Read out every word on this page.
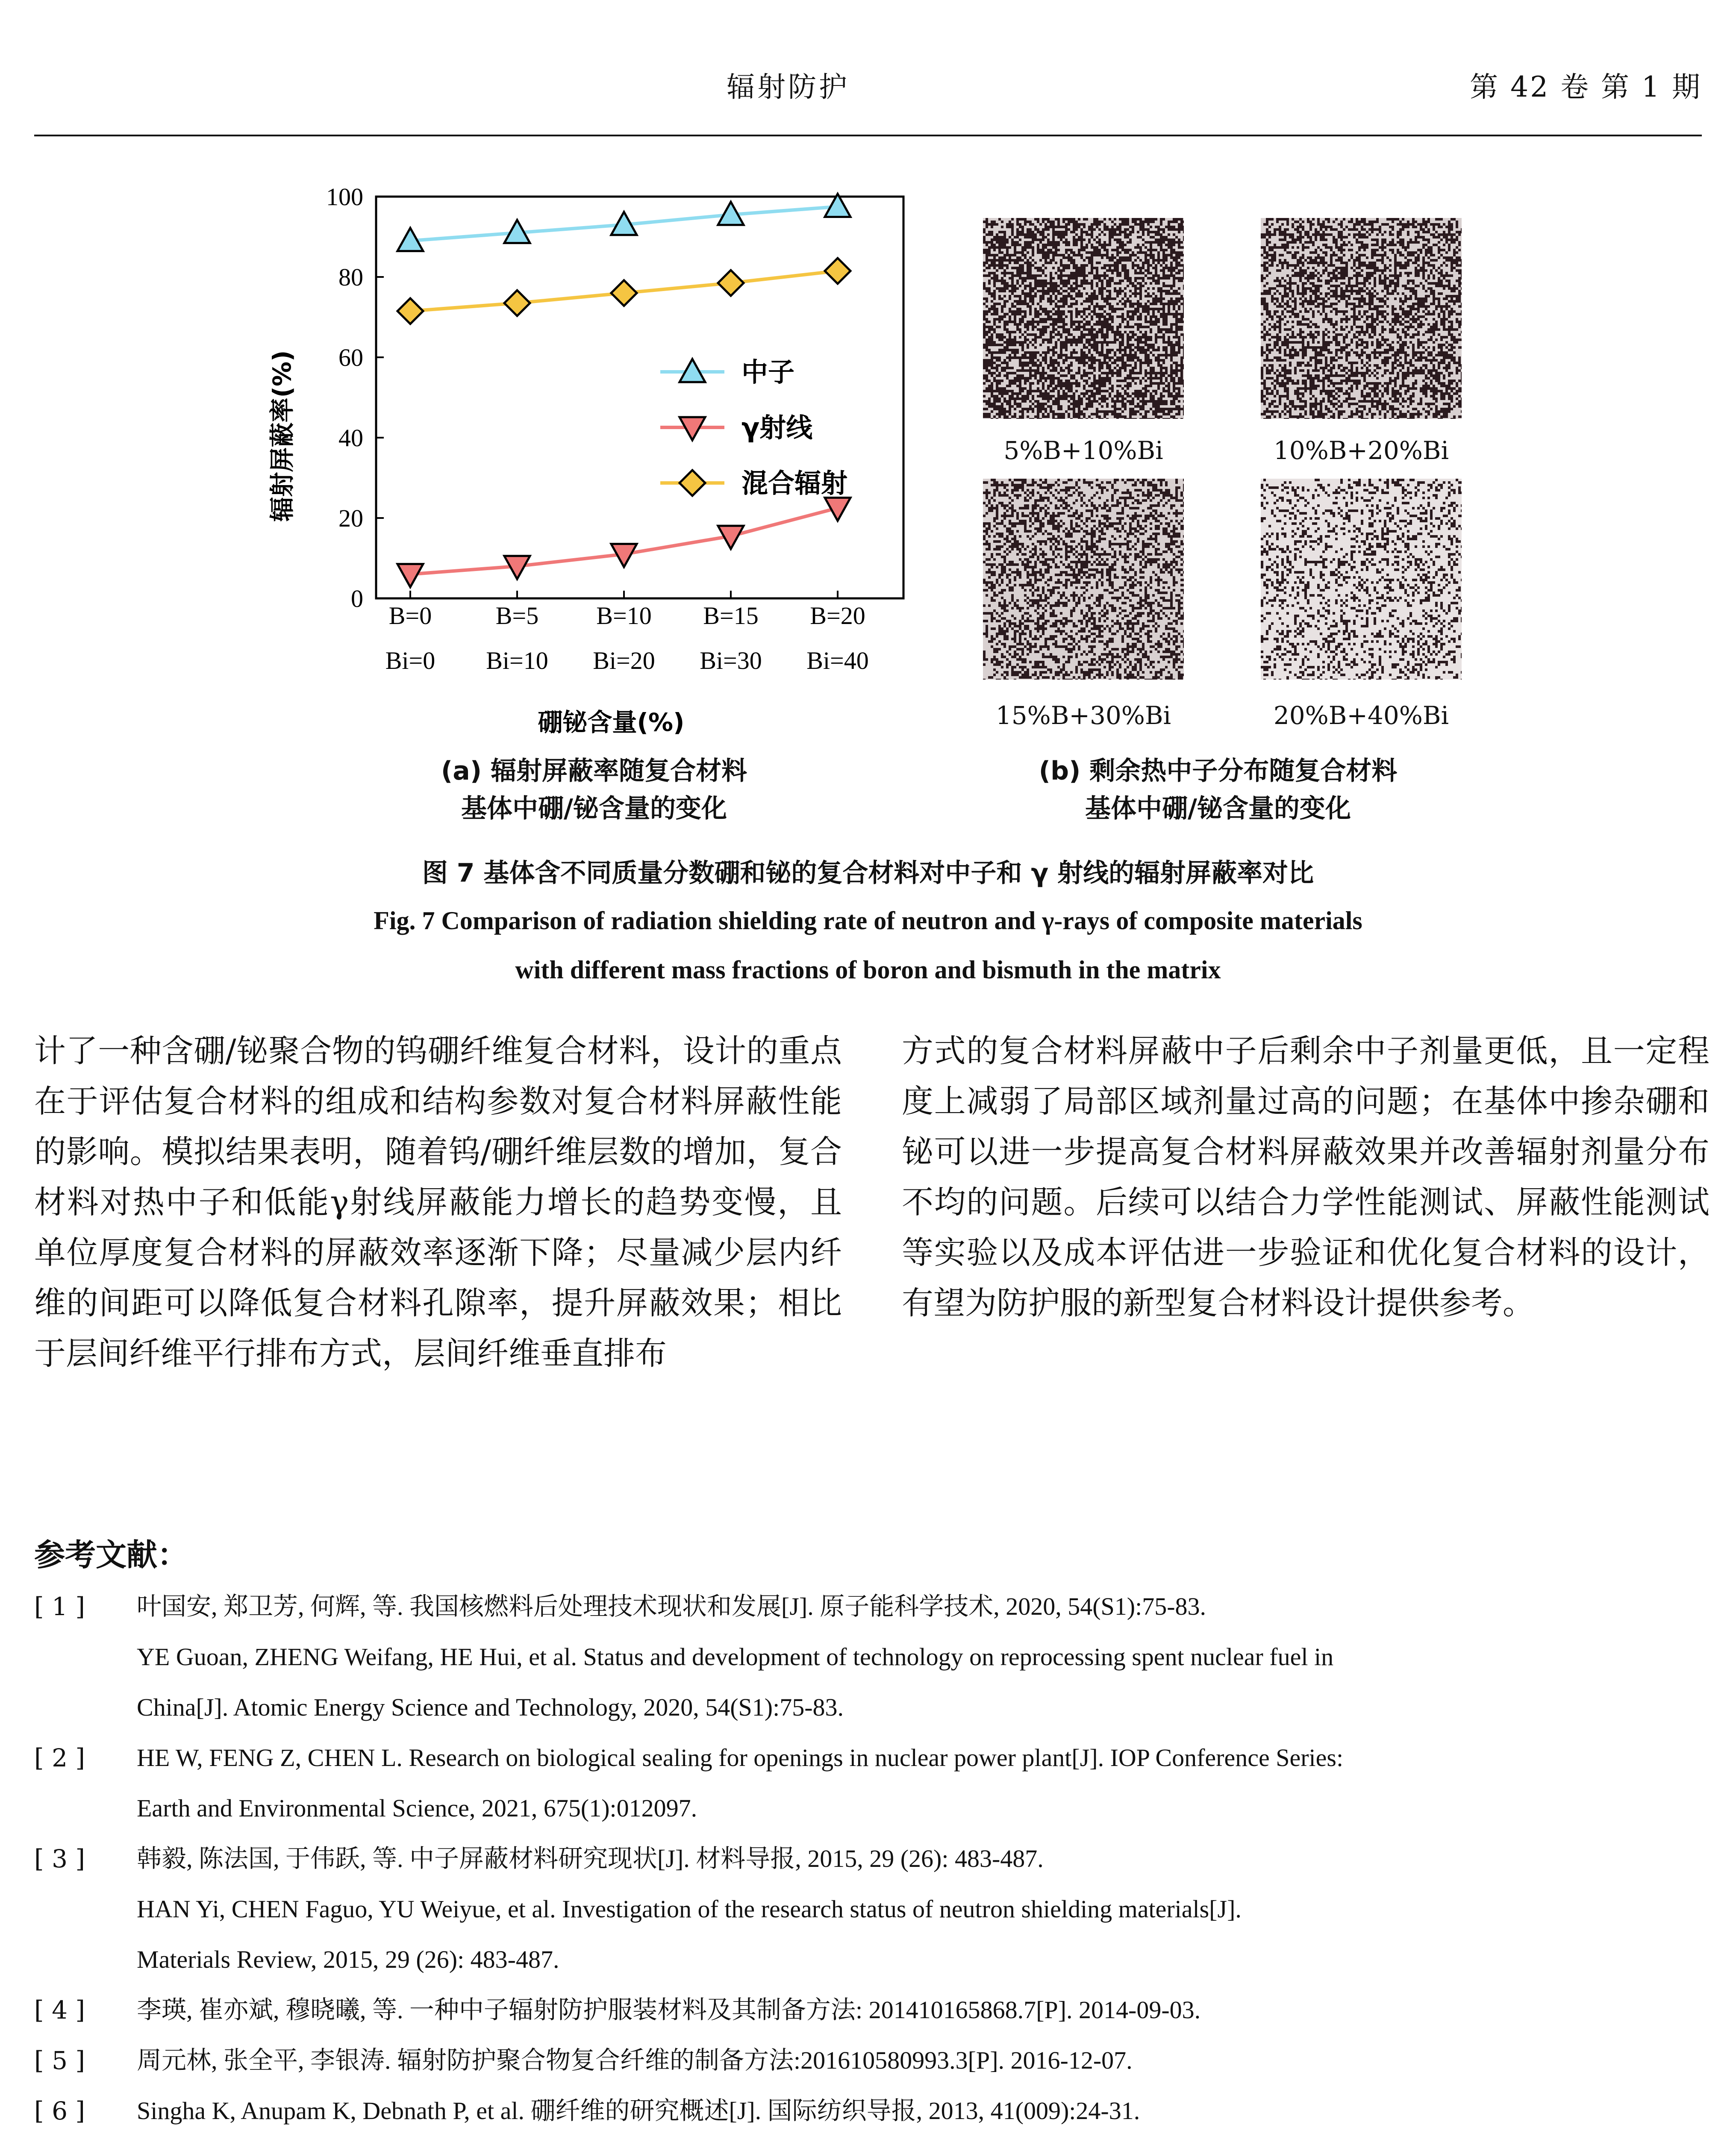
辐射防护	第 42 卷 第 1 期
0
20
40
60
80
100
B=0
Bi=0
B=5
Bi=10
B=10
Bi=20
B=15
Bi=30
B=20
Bi=40
中子
γ射线
混合辐射
辐射屏蔽率(%)
硼铋含量(%)
(a) 辐射屏蔽率随复合材料
基体中硼/铋含量的变化
5%B+10%Bi	10%B+20%Bi
15%B+30%Bi	20%B+40%Bi
(b) 剩余热中子分布随复合材料
基体中硼/铋含量的变化
图 7 基体含不同质量分数硼和铋的复合材料对中子和 γ 射线的辐射屏蔽率对比
Fig. 7 Comparison of radiation shielding rate of neutron and γ-rays of composite materials
with different mass fractions of boron and bismuth in the matrix
计了一种含硼/铋聚合物的钨硼纤维复合材料，设计的重点在于评估复合材料的组成和结构参数对复合材料屏蔽性能的影响。模拟结果表明，随着钨/硼纤维层数的增加，复合材料对热中子和低能γ射线屏蔽能力增长的趋势变慢，且单位厚度复合材料的屏蔽效率逐渐下降；尽量减少层内纤维的间距可以降低复合材料孔隙率，提升屏蔽效果；相比于层间纤维平行排布方式，层间纤维垂直排布
方式的复合材料屏蔽中子后剩余中子剂量更低，且一定程度上减弱了局部区域剂量过高的问题；在基体中掺杂硼和铋可以进一步提高复合材料屏蔽效果并改善辐射剂量分布不均的问题。后续可以结合力学性能测试、屏蔽性能测试等实验以及成本评估进一步验证和优化复合材料的设计，有望为防护服的新型复合材料设计提供参考。
参考文献：
[ 1 ]	叶国安, 郑卫芳, 何辉, 等. 我国核燃料后处理技术现状和发展[J]. 原子能科学技术, 2020, 54(S1):75-83.
YE Guoan, ZHENG Weifang, HE Hui, et al. Status and development of technology on reprocessing spent nuclear fuel in
China[J]. Atomic Energy Science and Technology, 2020, 54(S1):75-83.
[ 2 ]	HE W, FENG Z, CHEN L. Research on biological sealing for openings in nuclear power plant[J]. IOP Conference Series:
Earth and Environmental Science, 2021, 675(1):012097.
[ 3 ]	韩毅, 陈法国, 于伟跃, 等. 中子屏蔽材料研究现状[J]. 材料导报, 2015, 29 (26): 483-487.
HAN Yi, CHEN Faguo, YU Weiyue, et al. Investigation of the research status of neutron shielding materials[J].
Materials Review, 2015, 29 (26): 483-487.
[ 4 ]	李瑛, 崔亦斌, 穆晓曦, 等. 一种中子辐射防护服装材料及其制备方法: 201410165868.7[P]. 2014-09-03.
[ 5 ]	周元林, 张全平, 李银涛. 辐射防护聚合物复合纤维的制备方法:201610580993.3[P]. 2016-12-07.
[ 6 ]	Singha K, Anupam K, Debnath P, et al. 硼纤维的研究概述[J]. 国际纺织导报, 2013, 41(009):24-31.
